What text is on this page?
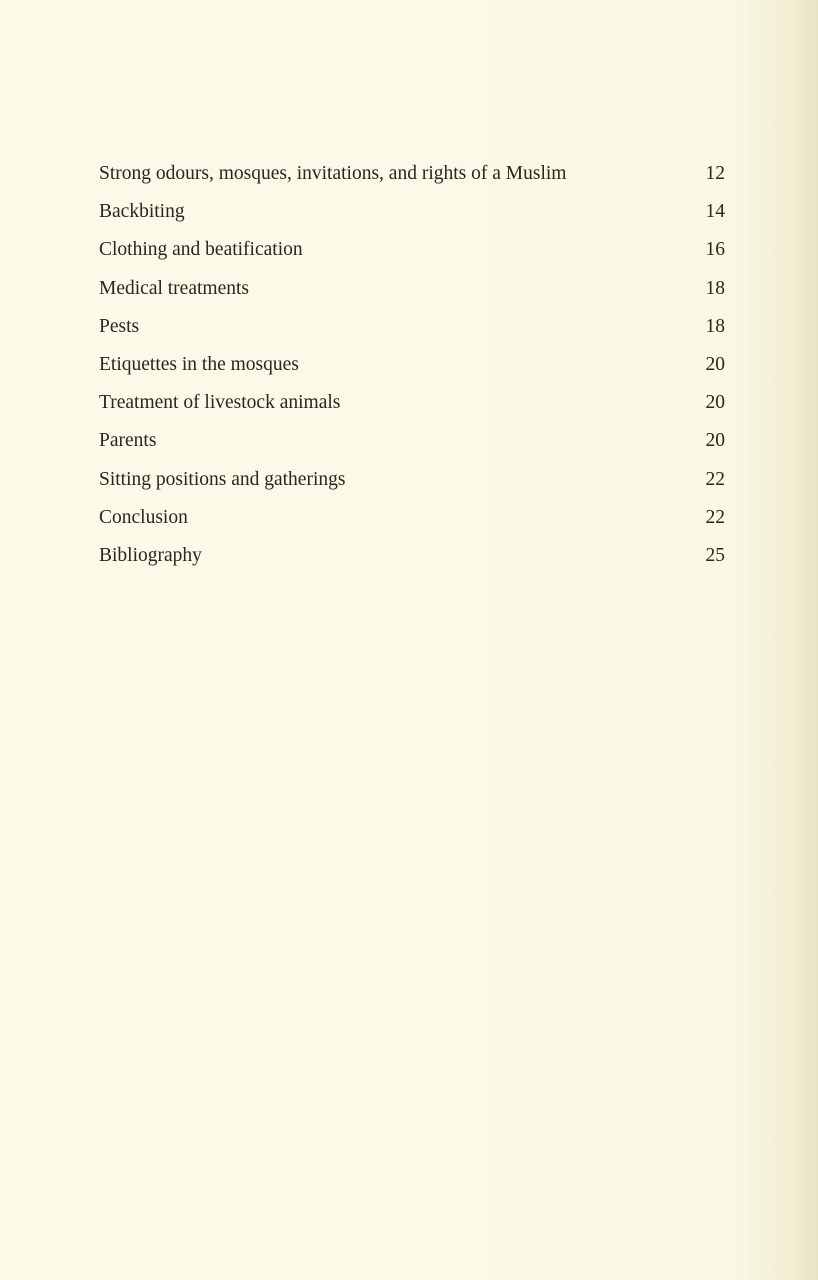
Strong odours, mosques, invitations, and rights of a Muslim	12
Backbiting	14
Clothing and beatification	16
Medical treatments	18
Pests	18
Etiquettes in the mosques	20
Treatment of livestock animals	20
Parents	20
Sitting positions and gatherings	22
Conclusion	22
Bibliography	25
